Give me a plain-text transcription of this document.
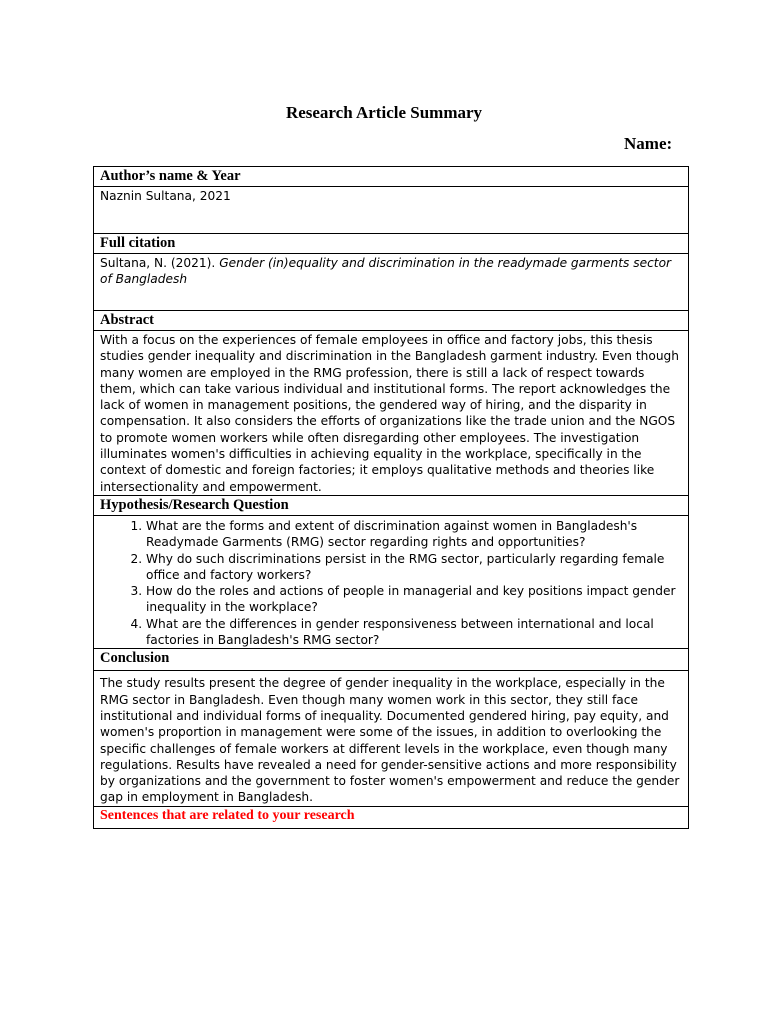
Research Article Summary
Name:
Author’s name & Year
Naznin Sultana, 2021
Full citation
Sultana, N. (2021). Gender (in)equality and discrimination in the readymade garments sector of Bangladesh
Abstract
With a focus on the experiences of female employees in office and factory jobs, this thesis studies gender inequality and discrimination in the Bangladesh garment industry. Even though many women are employed in the RMG profession, there is still a lack of respect towards them, which can take various individual and institutional forms. The report acknowledges the lack of women in management positions, the gendered way of hiring, and the disparity in compensation. It also considers the efforts of organizations like the trade union and the NGOS to promote women workers while often disregarding other employees. The investigation illuminates women's difficulties in achieving equality in the workplace, specifically in the context of domestic and foreign factories; it employs qualitative methods and theories like intersectionality and empowerment.
Hypothesis/Research Question

1. What are the forms and extent of discrimination against women in Bangladesh's Readymade Garments (RMG) sector regarding rights and opportunities?
2. Why do such discriminations persist in the RMG sector, particularly regarding female office and factory workers?
3. How do the roles and actions of people in managerial and key positions impact gender inequality in the workplace?
4. What are the differences in gender responsiveness between international and local factories in Bangladesh's RMG sector?

Conclusion
The study results present the degree of gender inequality in the workplace, especially in the RMG sector in Bangladesh. Even though many women work in this sector, they still face institutional and individual forms of inequality. Documented gendered hiring, pay equity, and women's proportion in management were some of the issues, in addition to overlooking the specific challenges of female workers at different levels in the workplace, even though many regulations. Results have revealed a need for gender-sensitive actions and more responsibility by organizations and the government to foster women's empowerment and reduce the gender gap in employment in Bangladesh.
Sentences that are related to your research
